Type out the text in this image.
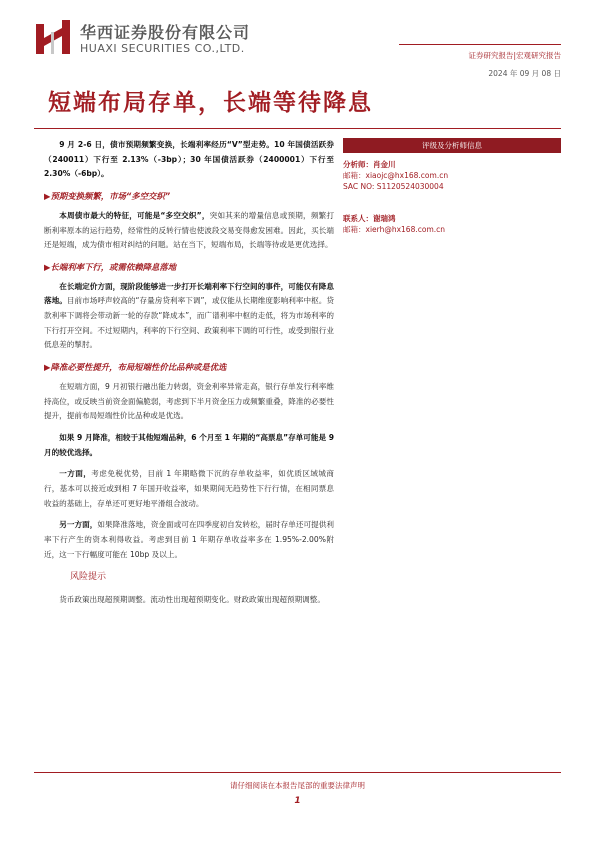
华西证券股份有限公司
HUAXI SECURITIES CO.,LTD.
证券研究报告|宏观研究报告
2024 年 09 月 08 日
短端布局存单，长端等待降息

9 月 2-6 日，债市预期频繁变换，长端利率经历“V”型走势。10 年国债活跃券（240011）下行至 2.13%（-3bp）；30 年国债活跃券（2400001）下行至 2.30%（-6bp）。

▶预期变换频繁，市场“多空交织”

本周债市最大的特征，可能是“多空交织”，突如其来的增量信息或预期，频繁打断利率原本的运行趋势，经常性的反转行情也使波段交易变得愈发困难。因此，买长端还是短端，成为债市相对纠结的问题。站在当下，短端布局，长端等待或是更优选择。

▶长端利率下行，或需依赖降息落地

在长端定价方面，现阶段能够进一步打开长端利率下行空间的事件，可能仅有降息落地。目前市场呼声较高的“存量房贷利率下调”，或仅能从长期维度影响利率中枢。贷款利率下调将会带动新一轮的存款“降成本”，而广谱利率中枢的走低，将为市场利率的下行打开空间。不过短期内，利率的下行空间、政策利率下调的可行性，或受到银行业低息差的掣肘。

▶降准必要性提升，布局短端性价比品种或是优选

在短端方面，9 月初银行融出能力转弱，资金利率异常走高，银行存单发行利率维持高位，或反映当前资金面偏脆弱，考虑到下半月资金压力或频繁重叠，降准的必要性提升，提前布局短端性价比品种或是优选。

如果 9 月降准，相较于其他短端品种，6 个月至 1 年期的“高票息”存单可能是 9 月的较优选择。

一方面，考虑免税优势，目前 1 年期略微下沉的存单收益率，如优质区域城商行，基本可以接近或到相 7 年国开收益率，如果期间无趋势性下行行情，在相同票息收益的基础上，存单还可更好地平滑组合波动。

另一方面，如果降准落地，资金面或可在四季度初自发转松，届时存单还可提供利率下行产生的资本利得收益。考虑到目前 1 年期存单收益率多在 1.95%-2.00%附近，这一下行幅度可能在 10bp 及以上。

风险提示

货币政策出现超预期调整。流动性出现超预期变化。财政政策出现超预期调整。

评级及分析师信息
分析师：肖金川
邮箱：xiaojc@hx168.com.cn
SAC NO: S1120524030004
联系人：谢瑞鸿
邮箱：xierh@hx168.com.cn
请仔细阅读在本报告尾部的重要法律声明
1
